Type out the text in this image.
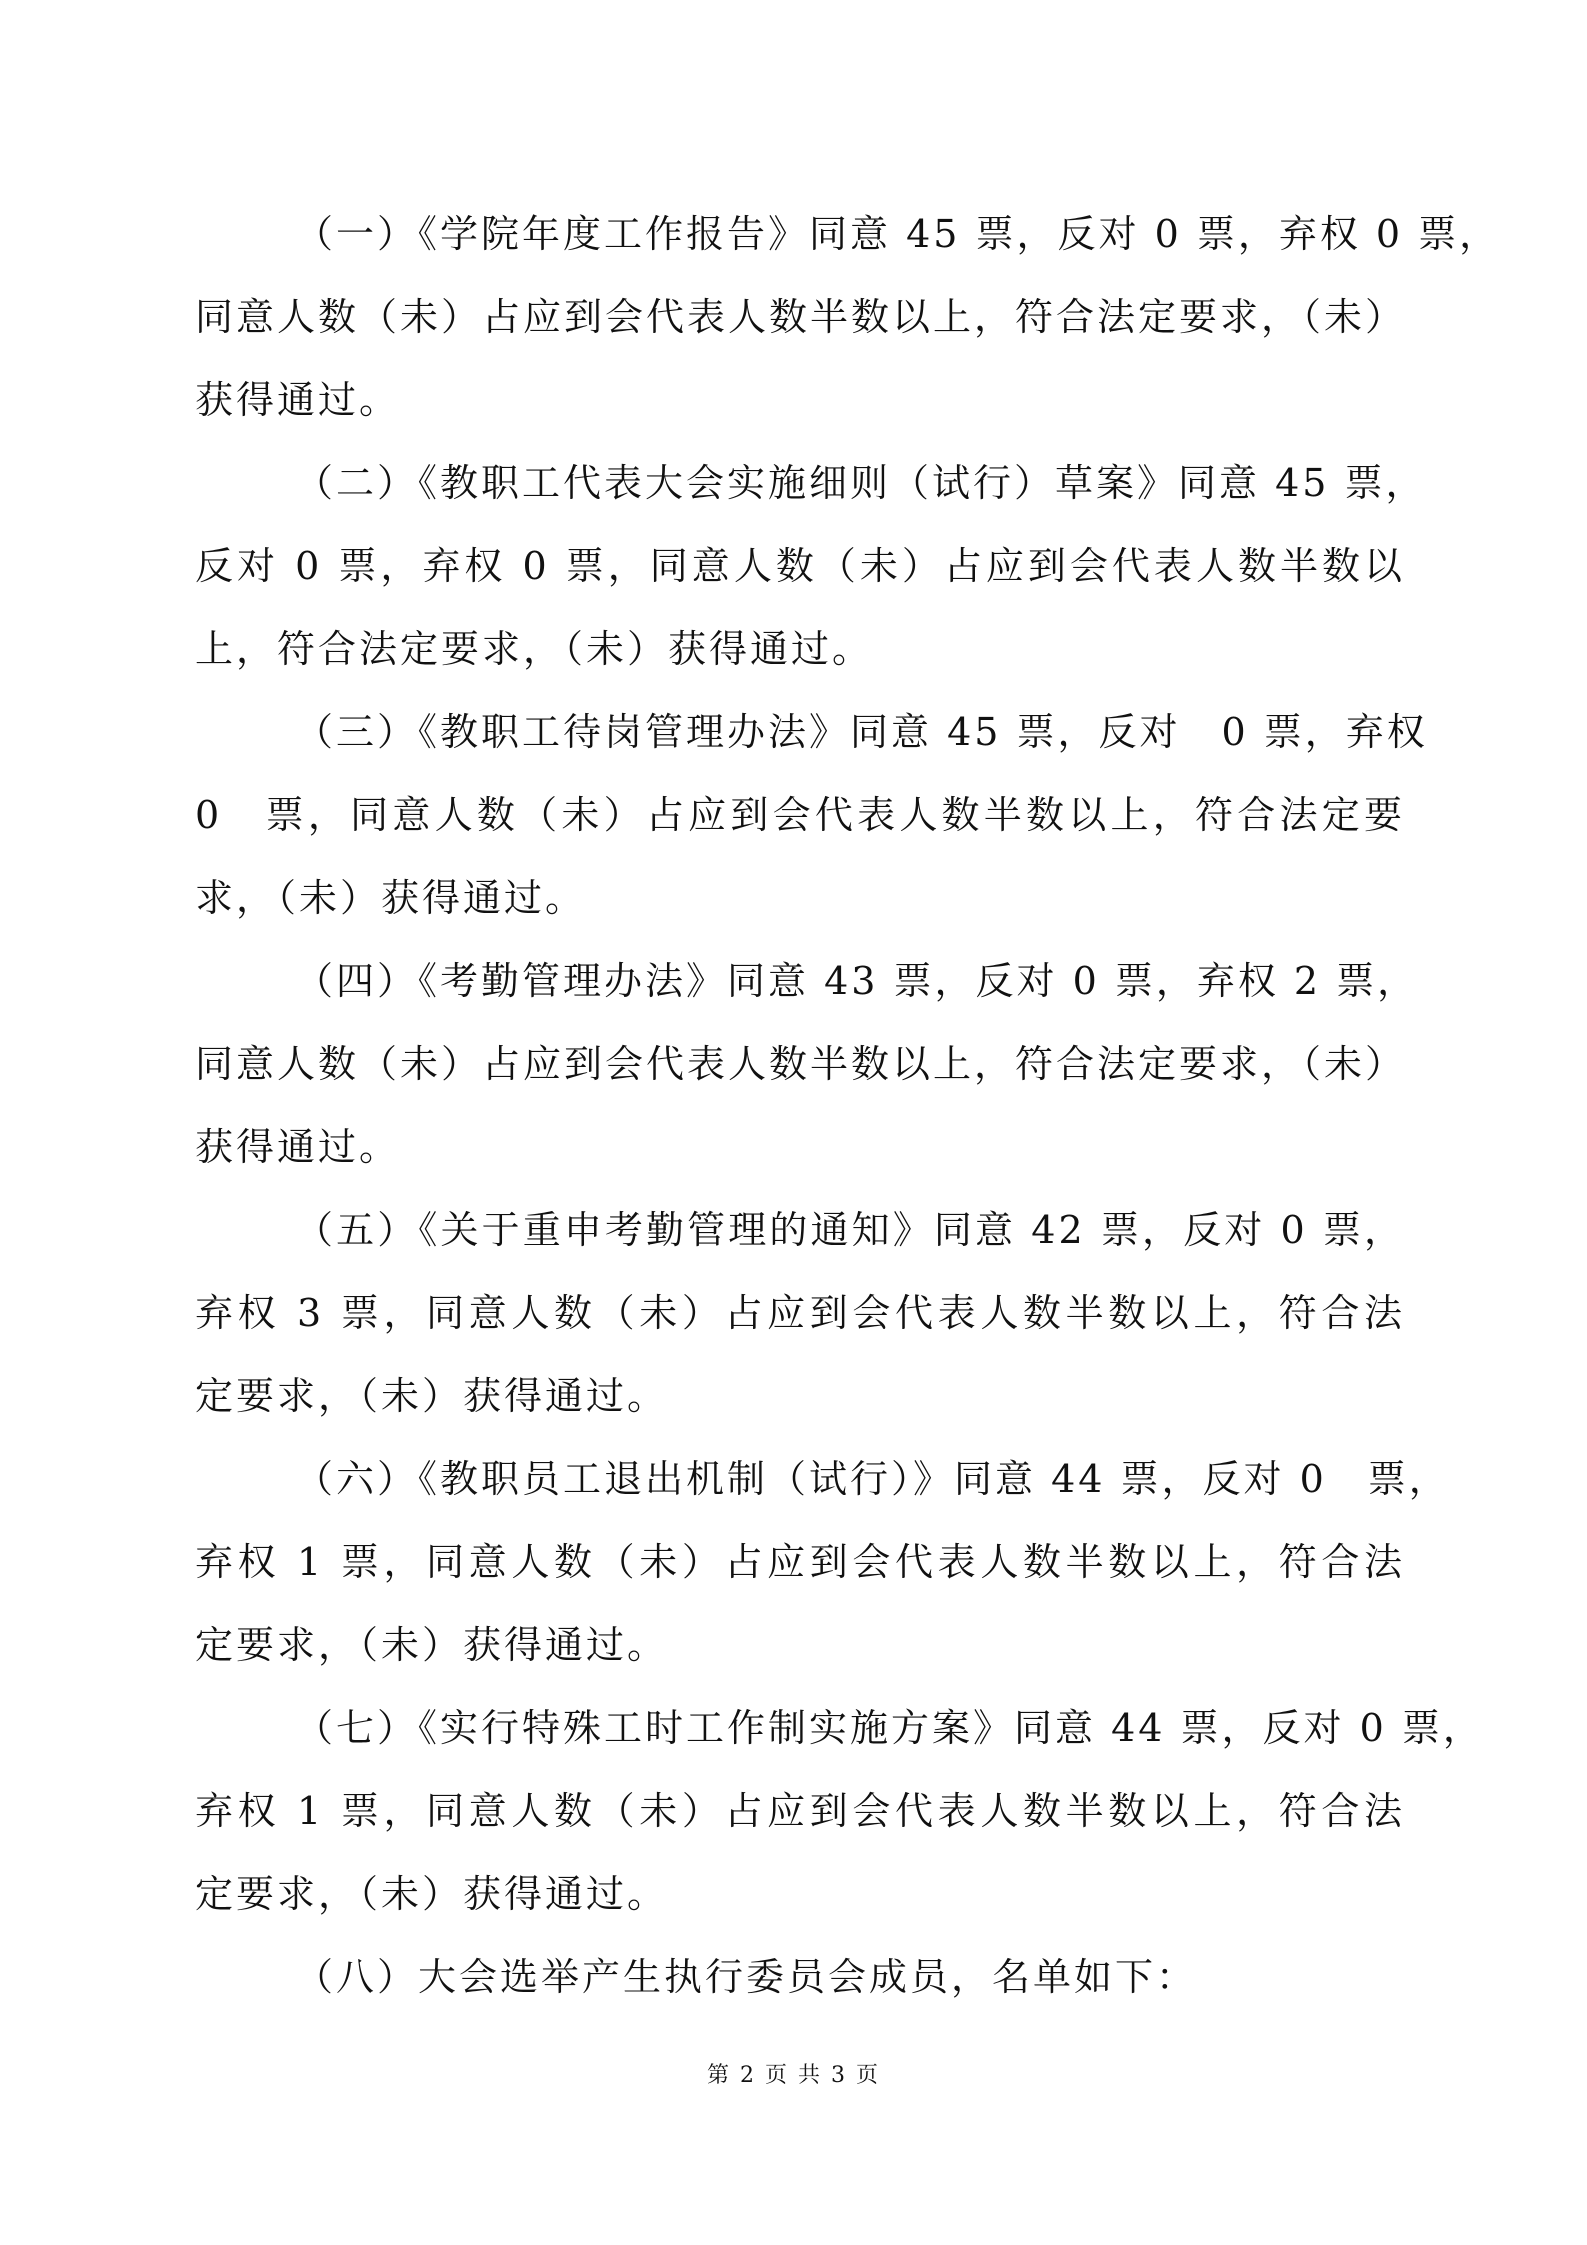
（一）《学院年度工作报告》同意 45 票，反对 0 票，弃权 0 票，
同意人数（未）占应到会代表人数半数以上，符合法定要求，（未）
获得通过。
（二）《教职工代表大会实施细则（试行）草案》同意 45 票，
反对 0 票，弃权 0 票，同意人数（未）占应到会代表人数半数以
上，符合法定要求，（未）获得通过。
（三）《教职工待岗管理办法》同意 45 票，反对　0 票，弃权
0　票，同意人数（未）占应到会代表人数半数以上，符合法定要
求，（未）获得通过。
（四）《考勤管理办法》同意 43 票，反对 0 票，弃权 2 票，
同意人数（未）占应到会代表人数半数以上，符合法定要求，（未）
获得通过。
（五）《关于重申考勤管理的通知》同意 42 票，反对 0 票，
弃权 3 票，同意人数（未）占应到会代表人数半数以上，符合法
定要求，（未）获得通过。
（六）《教职员工退出机制（试行）》同意 44 票，反对 0　票，
弃权 1 票，同意人数（未）占应到会代表人数半数以上，符合法
定要求，（未）获得通过。
（七）《实行特殊工时工作制实施方案》同意 44 票，反对 0 票，
弃权 1 票，同意人数（未）占应到会代表人数半数以上，符合法
定要求，（未）获得通过。
（八）大会选举产生执行委员会成员，名单如下：
第 2 页 共 3 页
